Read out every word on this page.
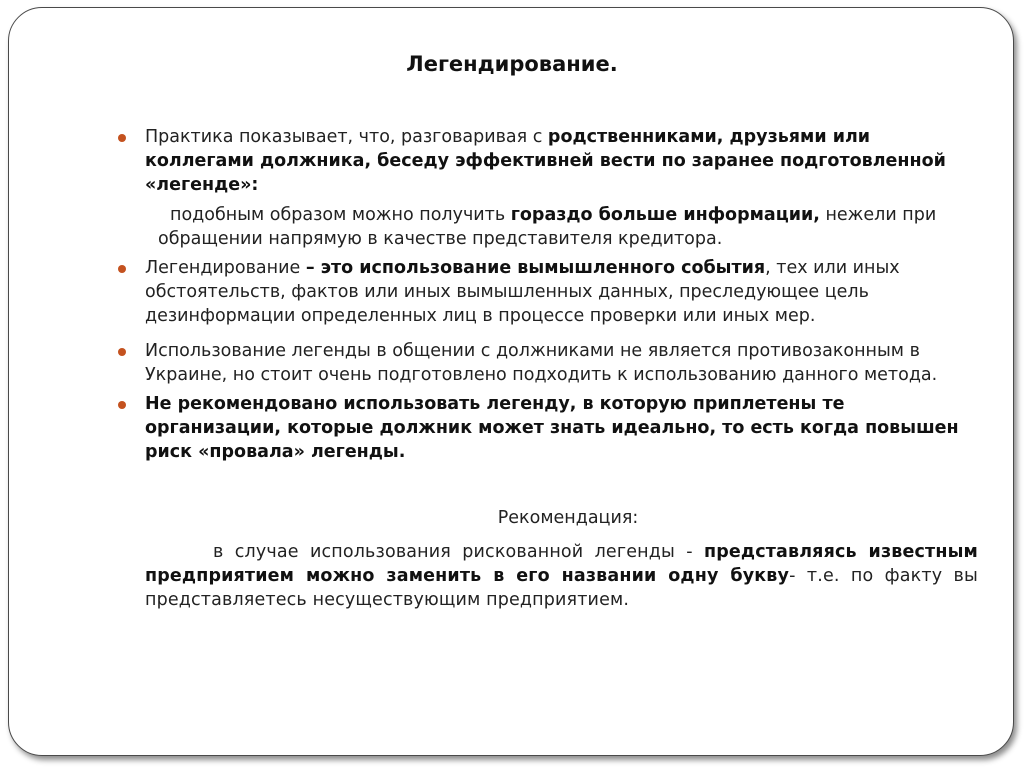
Легендирование.
Практика показывает, что, разговаривая с родственниками, друзьями или коллегами должника, беседу эффективней вести по заранее подготовленной «легенде»:
подобным образом можно получить гораздо больше информации, нежели при обращении напрямую в качестве представителя кредитора.
Легендирование – это использование вымышленного события, тех или иных обстоятельств, фактов или иных вымышленных данных, преследующее цель дезинформации определенных лиц в процессе проверки или иных мер.
Использование легенды в общении с должниками не является противозаконным в Украине, но стоит очень подготовлено подходить к использованию данного метода.
Не рекомендовано использовать легенду, в которую приплетены те организации, которые должник может знать идеально, то есть когда повышен риск «провала» легенды.
Рекомендация:
в случае использования рискованной легенды - представляясь известным предприятием можно заменить в его названии одну букву- т.е. по факту вы представляетесь несуществующим предприятием.
